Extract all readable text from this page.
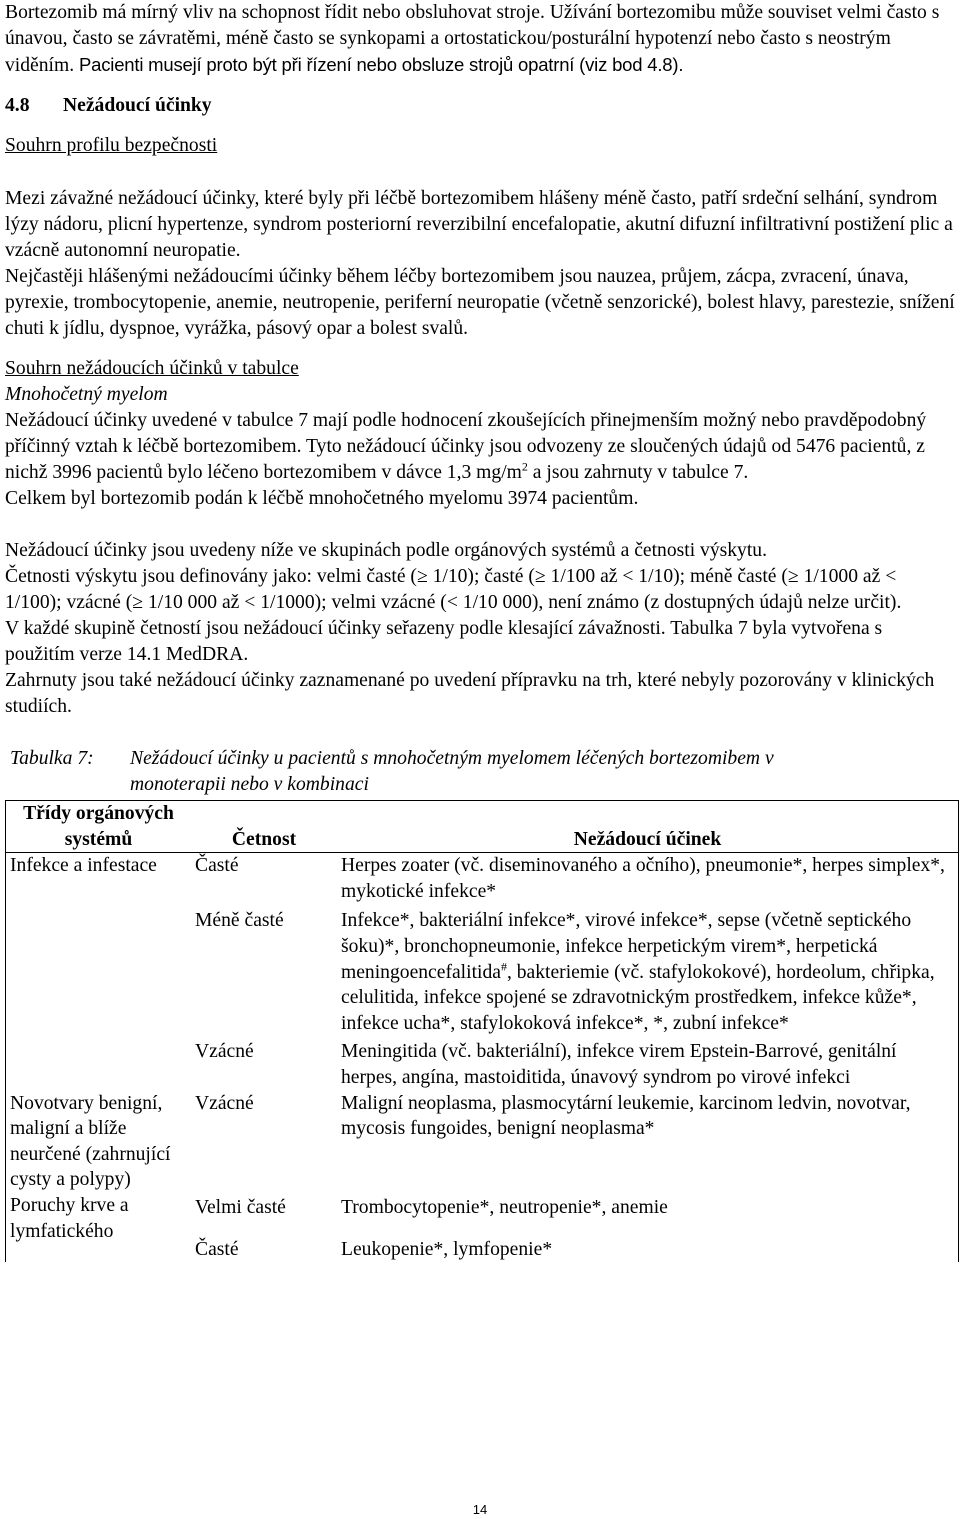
Bortezomib má mírný vliv na schopnost řídit nebo obsluhovat stroje. Užívání bortezomibu může souviset velmi často s únavou, často se závratěmi, méně často se synkopami a ortostatickou/posturální hypotenzí nebo často s neostrým viděním. Pacienti musejí proto být při řízení nebo obsluze strojů opatrní (viz bod 4.8).

4.8 Nežádoucí účinky

Souhrn profilu bezpečnosti

Mezi závažné nežádoucí účinky, které byly při léčbě bortezomibem hlášeny méně často, patří srdeční selhání, syndrom lýzy nádoru, plicní hypertenze, syndrom posteriorní reverzibilní encefalopatie, akutní difuzní infiltrativní postižení plic a vzácně autonomní neuropatie.

Nejčastěji hlášenými nežádoucími účinky během léčby bortezomibem jsou nauzea, průjem, zácpa, zvracení, únava, pyrexie, trombocytopenie, anemie, neutropenie, periferní neuropatie (včetně senzorické), bolest hlavy, parestezie, snížení chuti k jídlu, dyspnoe, vyrážka, pásový opar a bolest svalů.

Souhrn nežádoucích účinků v tabulce

Mnohočetný myelom

Nežádoucí účinky uvedené v tabulce 7 mají podle hodnocení zkoušejících přinejmenším možný nebo pravděpodobný příčinný vztah k léčbě bortezomibem. Tyto nežádoucí účinky jsou odvozeny ze sloučených údajů od 5476 pacientů, z nichž 3996 pacientů bylo léčeno bortezomibem v dávce 1,3 $mg/m^2$ a jsou zahrnuty v tabulce 7.

Celkem byl bortezomib podán k léčbě mnohočetného myelomu 3974 pacientům.

Nežádoucí účinky jsou uvedeny níže ve skupinách podle orgánových systémů a četnosti výskytu.

Četnosti výskytu jsou definovány jako: velmi časté (≥ 1/10); časté (≥ 1/100 až < 1/10); méně časté (≥ 1/1000 až < 1/100); vzácné (≥ 1/10 000 až < 1/1000); velmi vzácné (< 1/10 000), není známo (z dostupných údajů nelze určit).

V každé skupině četností jsou nežádoucí účinky seřazeny podle klesající závažnosti. Tabulka 7 byla vytvořena s použitím verze 14.1 MedDRA.

Zahrnuty jsou také nežádoucí účinky zaznamenané po uvedení přípravku na trh, které nebyly pozorovány v klinických studiích.

Tabulka 7:	Nežádoucí účinky u pacientů s mnohočetným myelomem léčených bortezomibem v monoterapii nebo v kombinaci
Třídy orgánových systémů	Četnost	Nežádoucí účinek
Infekce a infestace	Časté	Herpes zoater (vč. diseminovaného a očního), pneumonie*, herpes simplex*, mykotické infekce*
	Méně časté	Infekce*, bakteriální infekce*, virové infekce*, sepse (včetně septického šoku)*, bronchopneumonie, infekce herpetickým virem*, herpetická meningoencefalitida#, bakteriemie (vč. stafylokokové), hordeolum, chřipka, celulitida, infekce spojené se zdravotnickým prostředkem, infekce kůže*, infekce ucha*, stafylokoková infekce*, *, zubní infekce*
	Vzácné	Meningitida (vč. bakteriální), infekce virem Epstein-Barrové, genitální herpes, angína, mastoiditida, únavový syndrom po virové infekci
Novotvary benigní, maligní a blíže neurčené (zahrnující cysty a polypy)	Vzácné	Maligní neoplasma, plasmocytární leukemie, karcinom ledvin, novotvar, mycosis fungoides, benigní neoplasma*
Poruchy krve a lymfatického	Velmi časté	Trombocytopenie*, neutropenie*, anemie
	Časté	Leukopenie*, lymfopenie*
14
